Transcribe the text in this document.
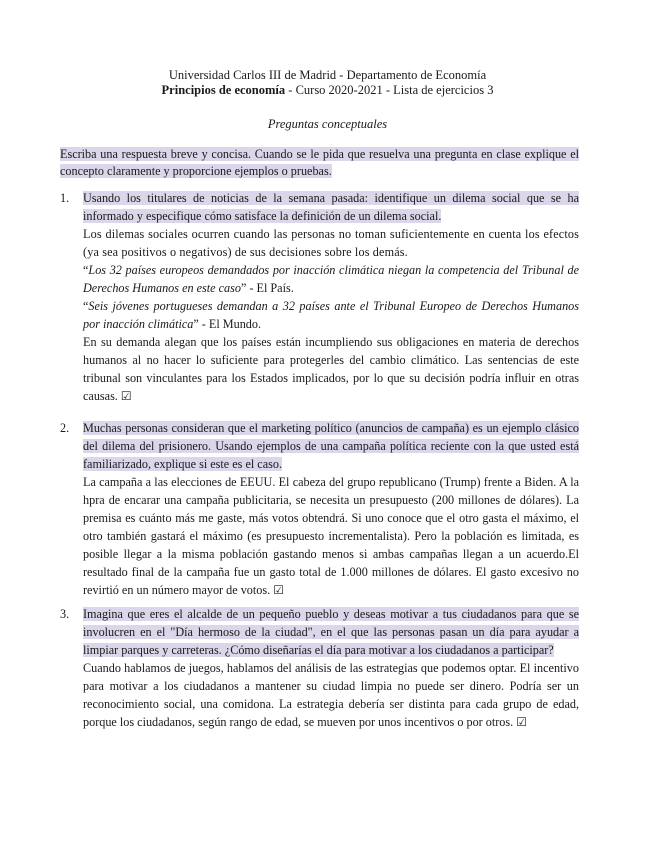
Universidad Carlos III de Madrid - Departamento de Economía
Principios de economía - Curso 2020-2021 - Lista de ejercicios 3
Preguntas conceptuales
Escriba una respuesta breve y concisa. Cuando se le pida que resuelva una pregunta en clase explique el concepto claramente y proporcione ejemplos o pruebas.
1.	Usando los titulares de noticias de la semana pasada: identifique un dilema social que se ha informado y especifique cómo satisface la definición de un dilema social.

Los dilemas sociales ocurren cuando las personas no toman suficientemente en cuenta los efectos (ya sea positivos o negativos) de sus decisiones sobre los demás.

“Los 32 países europeos demandados por inacción climática niegan la competencia del Tribunal de Derechos Humanos en este caso” - El País.

“Seis jóvenes portugueses demandan a 32 países ante el Tribunal Europeo de Derechos Humanos por inacción climática” - El Mundo.

En su demanda alegan que los países están incumpliendo sus obligaciones en materia de derechos humanos al no hacer lo suficiente para protegerles del cambio climático. Las sentencias de este tribunal son vinculantes para los Estados implicados, por lo que su decisión podría influir en otras causas. ☑

2.	Muchas personas consideran que el marketing político (anuncios de campaña) es un ejemplo clásico del dilema del prisionero. Usando ejemplos de una campaña política reciente con la que usted está familiarizado, explique si este es el caso.

La campaña a las elecciones de EEUU. El cabeza del grupo republicano (Trump) frente a Biden. A la hpra de encarar una campaña publicitaria, se necesita un presupuesto (200 millones de dólares). La premisa es cuánto más me gaste, más votos obtendrá. Si uno conoce que el otro gasta el máximo, el otro también gastará el máximo (es presupuesto incrementalista). Pero la población es limitada, es posible llegar a la misma población gastando menos si ambas campañas llegan a un acuerdo.El resultado final de la campaña fue un gasto total de 1.000 millones de dólares. El gasto excesivo no revirtió en un número mayor de votos. ☑

3.	Imagina que eres el alcalde de un pequeño pueblo y deseas motivar a tus ciudadanos para que se involucren en el "Día hermoso de la ciudad", en el que las personas pasan un día para ayudar a limpiar parques y carreteras. ¿Cómo diseñarías el día para motivar a los ciudadanos a participar?

Cuando hablamos de juegos, hablamos del análisis de las estrategias que podemos optar. El incentivo para motivar a los ciudadanos a mantener su ciudad limpia no puede ser dinero. Podría ser un reconocimiento social, una comidona. La estrategia debería ser distinta para cada grupo de edad, porque los ciudadanos, según rango de edad, se mueven por unos incentivos o por otros. ☑
